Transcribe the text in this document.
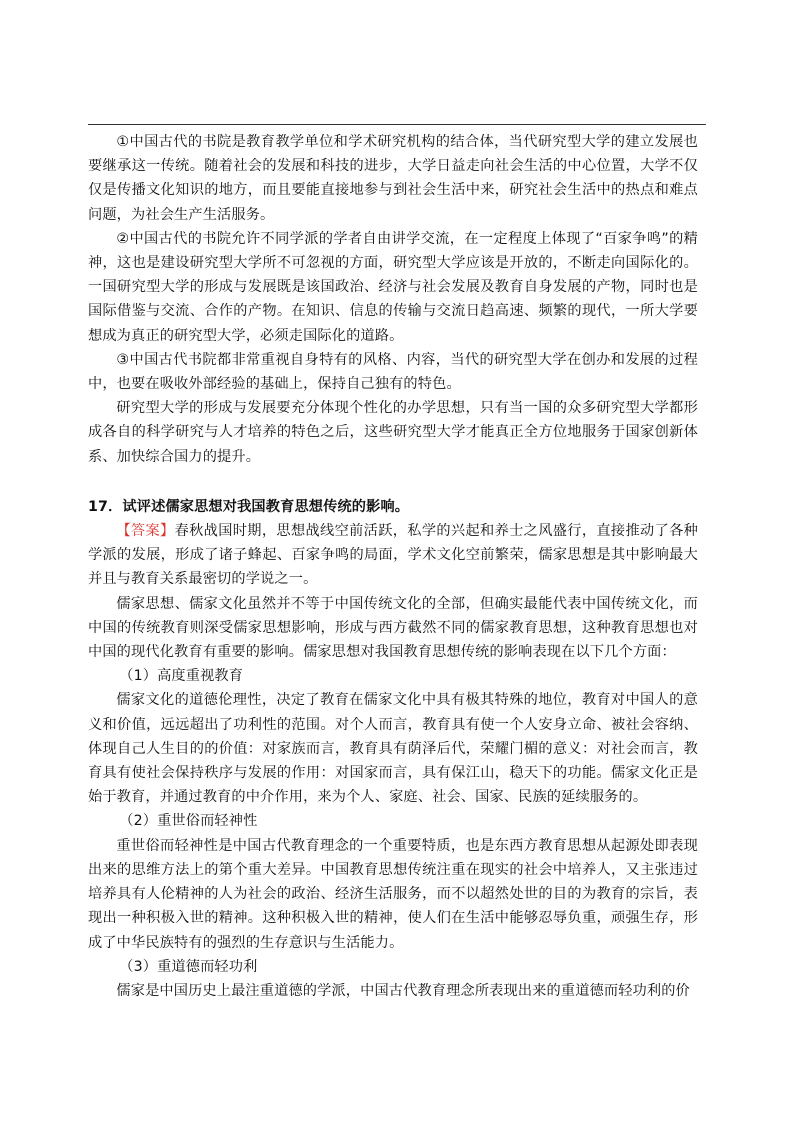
①中国古代的书院是教育教学单位和学术研究机构的结合体，当代研究型大学的建立发展也要继承这一传统。随着社会的发展和科技的进步，大学日益走向社会生活的中心位置，大学不仅仅是传播文化知识的地方，而且要能直接地参与到社会生活中来，研究社会生活中的热点和难点问题，为社会生产生活服务。

②中国古代的书院允许不同学派的学者自由讲学交流，在一定程度上体现了“百家争鸣”的精神，这也是建设研究型大学所不可忽视的方面，研究型大学应该是开放的，不断走向国际化的。一国研究型大学的形成与发展既是该国政治、经济与社会发展及教育自身发展的产物，同时也是国际借鉴与交流、合作的产物。在知识、信息的传输与交流日趋高速、频繁的现代，一所大学要想成为真正的研究型大学，必须走国际化的道路。

③中国古代书院都非常重视自身特有的风格、内容，当代的研究型大学在创办和发展的过程中，也要在吸收外部经验的基础上，保持自己独有的特色。

研究型大学的形成与发展要充分体现个性化的办学思想，只有当一国的众多研究型大学都形成各自的科学研究与人才培养的特色之后，这些研究型大学才能真正全方位地服务于国家创新体系、加快综合国力的提升。

17．试评述儒家思想对我国教育思想传统的影响。

【答案】春秋战国时期，思想战线空前活跃，私学的兴起和养士之风盛行，直接推动了各种学派的发展，形成了诸子蜂起、百家争鸣的局面，学术文化空前繁荣，儒家思想是其中影响最大并且与教育关系最密切的学说之一。

儒家思想、儒家文化虽然并不等于中国传统文化的全部，但确实最能代表中国传统文化，而中国的传统教育则深受儒家思想影响，形成与西方截然不同的儒家教育思想，这种教育思想也对中国的现代化教育有重要的影响。儒家思想对我国教育思想传统的影响表现在以下几个方面：

（1）高度重视教育

儒家文化的道德伦理性，决定了教育在儒家文化中具有极其特殊的地位，教育对中国人的意义和价值，远远超出了功利性的范围。对个人而言，教育具有使一个人安身立命、被社会容纳、体现自己人生目的的价值：对家族而言，教育具有荫泽后代，荣耀门楣的意义：对社会而言，教育具有使社会保持秩序与发展的作用：对国家而言，具有保江山，稳天下的功能。儒家文化正是始于教育，并通过教育的中介作用，来为个人、家庭、社会、国家、民族的延续服务的。

（2）重世俗而轻神性

重世俗而轻神性是中国古代教育理念的一个重要特质，也是东西方教育思想从起源处即表现出来的思维方法上的第个重大差异。中国教育思想传统注重在现实的社会中培养人，又主张违过培养具有人伦精神的人为社会的政治、经济生活服务，而不以超然处世的目的为教育的宗旨，表现出一种积极入世的精神。这种积极入世的精神，使人们在生活中能够忍辱负重，顽强生存，形成了中华民族特有的强烈的生存意识与生活能力。

（3）重道德而轻功利

儒家是中国历史上最注重道德的学派，中国古代教育理念所表现出来的重道德而轻功利的价
